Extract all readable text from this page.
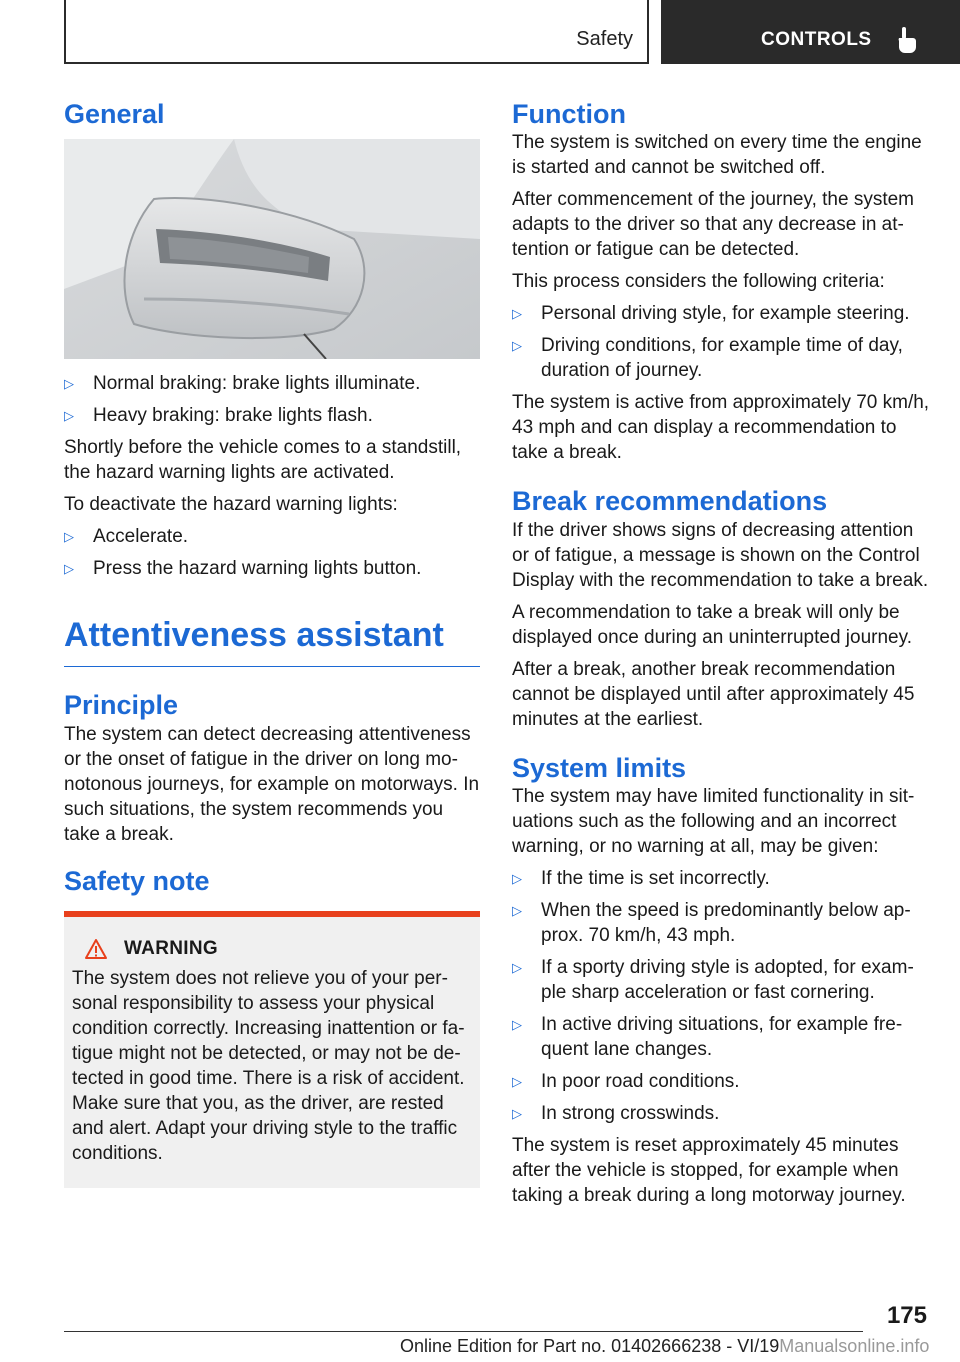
Safety	CONTROLS
General
▷ Normal braking: brake lights illuminate.
▷ Heavy braking: brake lights flash.

Shortly before the vehicle comes to a standstill, the hazard warning lights are activated.

To deactivate the hazard warning lights:

▷ Accelerate.
▷ Press the hazard warning lights button.
Attentiveness assistant
Principle

The system can detect decreasing attentiveness or the onset of fatigue in the driver on long monotonous journeys, for example on motorways. In such situations, the system recommends you take a break.

Safety note
WARNING

The system does not relieve you of your personal responsibility to assess your physical condition correctly. Increasing inattention or fatigue might not be detected, or may not be detected in good time. There is a risk of accident. Make sure that you, as the driver, are rested and alert. Adapt your driving style to the traffic conditions.

Function

The system is switched on every time the engine is started and cannot be switched off.

After commencement of the journey, the system adapts to the driver so that any decrease in attention or fatigue can be detected.

This process considers the following criteria:

▷ Personal driving style, for example steering.
▷ Driving conditions, for example time of day, duration of journey.

The system is active from approximately 70 km/h, 43 mph and can display a recommendation to take a break.

Break recommendations

If the driver shows signs of decreasing attention or of fatigue, a message is shown on the Control Display with the recommendation to take a break.

A recommendation to take a break will only be displayed once during an uninterrupted journey.

After a break, another break recommendation cannot be displayed until after approximately 45 minutes at the earliest.

System limits

The system may have limited functionality in situations such as the following and an incorrect warning, or no warning at all, may be given:

▷ If the time is set incorrectly.
▷ When the speed is predominantly below approx. 70 km/h, 43 mph.
▷ If a sporty driving style is adopted, for example sharp acceleration or fast cornering.
▷ In active driving situations, for example frequent lane changes.
▷ In poor road conditions.
▷ In strong crosswinds.

The system is reset approximately 45 minutes after the vehicle is stopped, for example when taking a break during a long motorway journey.

175
Online Edition for Part no. 01402666238 - VI/19Manualsonline.info
